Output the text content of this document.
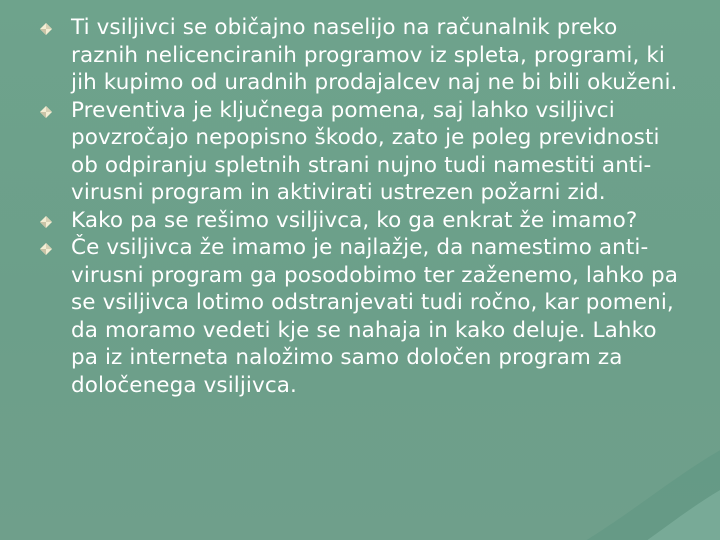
Ti vsiljivci se običajno naselijo na računalnik preko raznih nelicenciranih programov iz spleta, programi, ki jih kupimo od uradnih prodajalcev naj ne bi bili okuženi.
Preventiva je ključnega pomena, saj lahko vsiljivci povzročajo nepopisno škodo, zato je poleg previdnosti ob odpiranju spletnih strani nujno tudi namestiti anti-virusni program in aktivirati ustrezen požarni zid.
Kako pa se rešimo vsiljivca, ko ga enkrat že imamo?
Če vsiljivca že imamo je najlažje, da namestimo anti-virusni program ga posodobimo ter zaženemo, lahko pa se vsiljivca lotimo odstranjevati tudi ročno, kar pomeni, da moramo vedeti kje se nahaja in kako deluje. Lahko pa iz interneta naložimo samo določen program za določenega vsiljivca.
